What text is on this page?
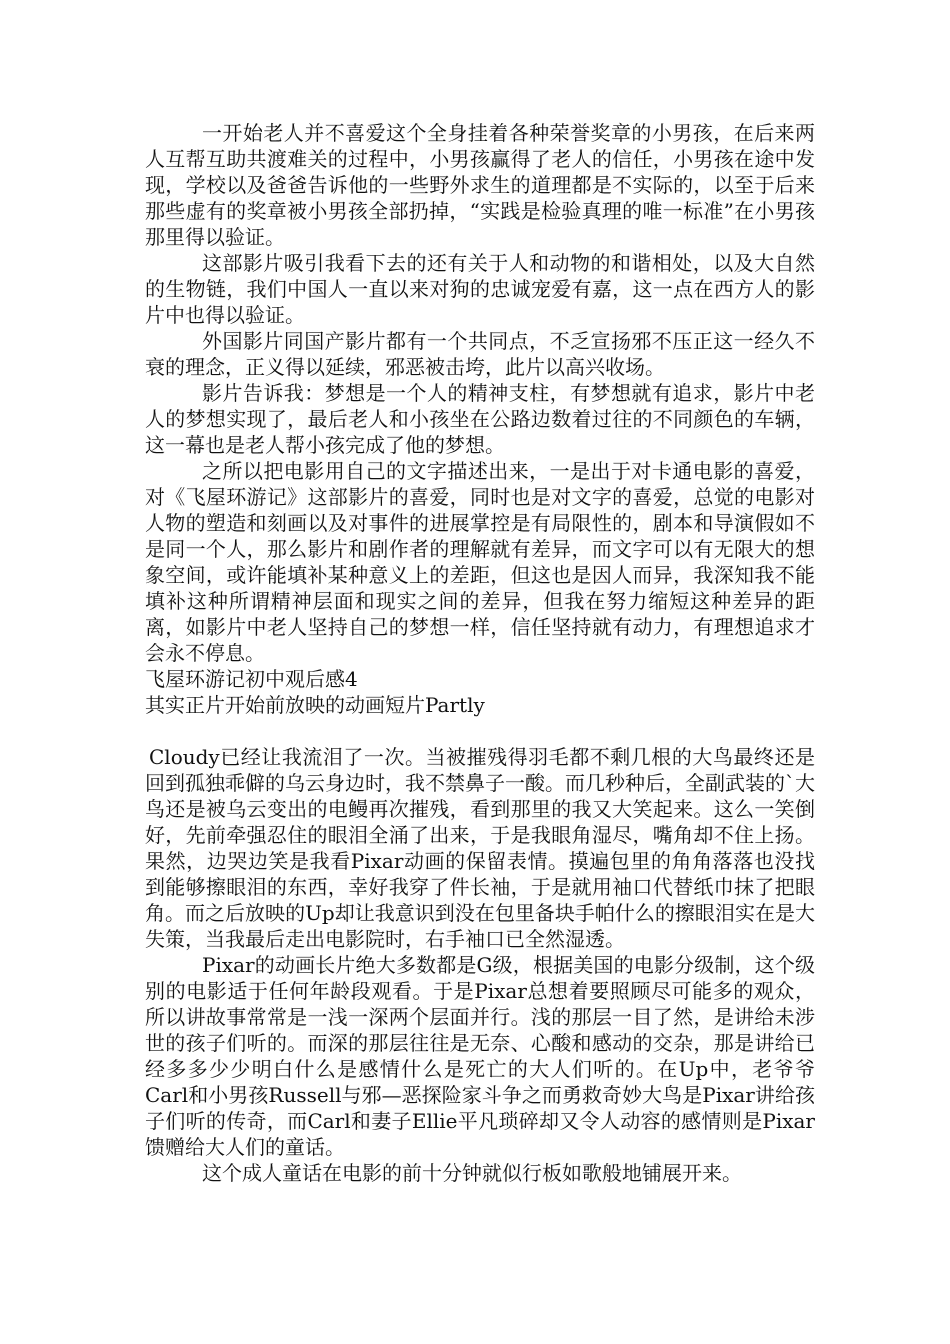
一开始老人并不喜爱这个全身挂着各种荣誉奖章的小男孩，在后来两人互帮互助共渡难关的过程中，小男孩赢得了老人的信任，小男孩在途中发现，学校以及爸爸告诉他的一些野外求生的道理都是不实际的，以至于后来那些虚有的奖章被小男孩全部扔掉，“实践是检验真理的唯一标准”在小男孩那里得以验证。

这部影片吸引我看下去的还有关于人和动物的和谐相处，以及大自然的生物链，我们中国人一直以来对狗的忠诚宠爱有嘉，这一点在西方人的影片中也得以验证。

外国影片同国产影片都有一个共同点，不乏宣扬邪不压正这一经久不衰的理念，正义得以延续，邪恶被击垮，此片以高兴收场。

影片告诉我：梦想是一个人的精神支柱，有梦想就有追求，影片中老人的梦想实现了，最后老人和小孩坐在公路边数着过往的不同颜色的车辆，这一幕也是老人帮小孩完成了他的梦想。

之所以把电影用自己的文字描述出来，一是出于对卡通电影的喜爱，对《飞屋环游记》这部影片的喜爱，同时也是对文字的喜爱，总觉的电影对人物的塑造和刻画以及对事件的进展掌控是有局限性的，剧本和导演假如不是同一个人，那么影片和剧作者的理解就有差异，而文字可以有无限大的想象空间，或许能填补某种意义上的差距，但这也是因人而异，我深知我不能填补这种所谓精神层面和现实之间的差异，但我在努力缩短这种差异的距离，如影片中老人坚持自己的梦想一样，信任坚持就有动力，有理想追求才会永不停息。

飞屋环游记初中观后感4

其实正片开始前放映的动画短片Partly

Cloudy已经让我流泪了一次。当被摧残得羽毛都不剩几根的大鸟最终还是回到孤独乖僻的乌云身边时，我不禁鼻子一酸。而几秒种后，全副武装的`大鸟还是被乌云变出的电鳗再次摧残，看到那里的我又大笑起来。这么一笑倒好，先前牵强忍住的眼泪全涌了出来，于是我眼角湿尽，嘴角却不住上扬。果然，边哭边笑是我看Pixar动画的保留表情。摸遍包里的角角落落也没找到能够擦眼泪的东西，幸好我穿了件长袖，于是就用袖口代替纸巾抹了把眼角。而之后放映的Up却让我意识到没在包里备块手帕什么的擦眼泪实在是大失策，当我最后走出电影院时，右手袖口已全然湿透。

Pixar的动画长片绝大多数都是G级，根据美国的电影分级制，这个级别的电影适于任何年龄段观看。于是Pixar总想着要照顾尽可能多的观众，所以讲故事常常是一浅一深两个层面并行。浅的那层一目了然，是讲给未涉世的孩子们听的。而深的那层往往是无奈、心酸和感动的交杂，那是讲给已经多多少少明白什么是感情什么是死亡的大人们听的。在Up中，老爷爷Carl和小男孩Russell与邪—恶探险家斗争之而勇救奇妙大鸟是Pixar讲给孩子们听的传奇，而Carl和妻子Ellie平凡琐碎却又令人动容的感情则是Pixar馈赠给大人们的童话。

这个成人童话在电影的前十分钟就似行板如歌般地铺展开来。
